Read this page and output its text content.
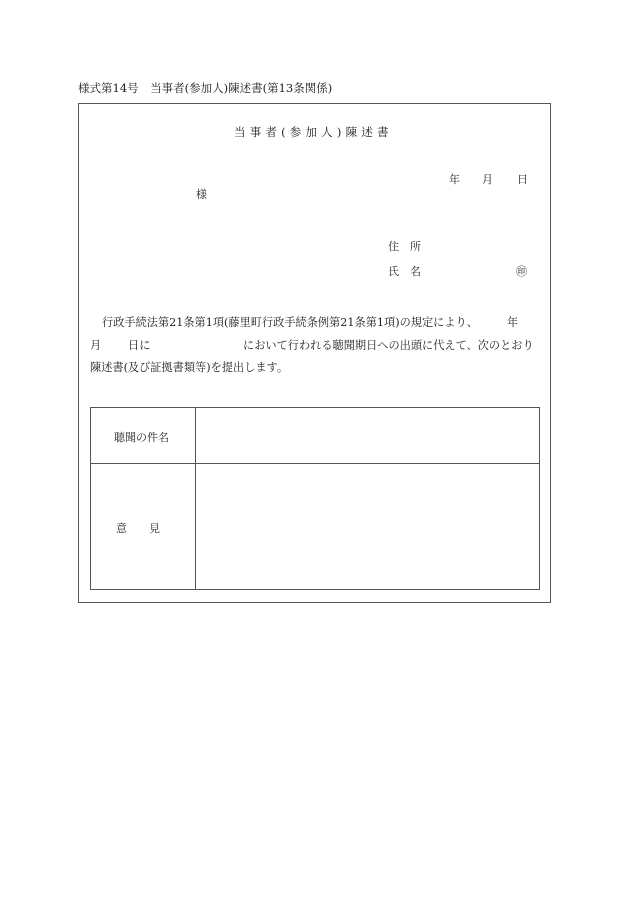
様式第14号　当事者(参加人)陳述書(第13条関係)
当事者(参加人)陳述書
年 月 日
様
住　所
氏　名	㊞
行政手続法第21条第1項(藤里町行政手続条例第21条第1項)の規定により、	年
月 日に	において行われる聴聞期日への出頭に代えて、次のとおり
陳述書(及び証拠書類等)を提出します。
聴聞の件名
意　　見
